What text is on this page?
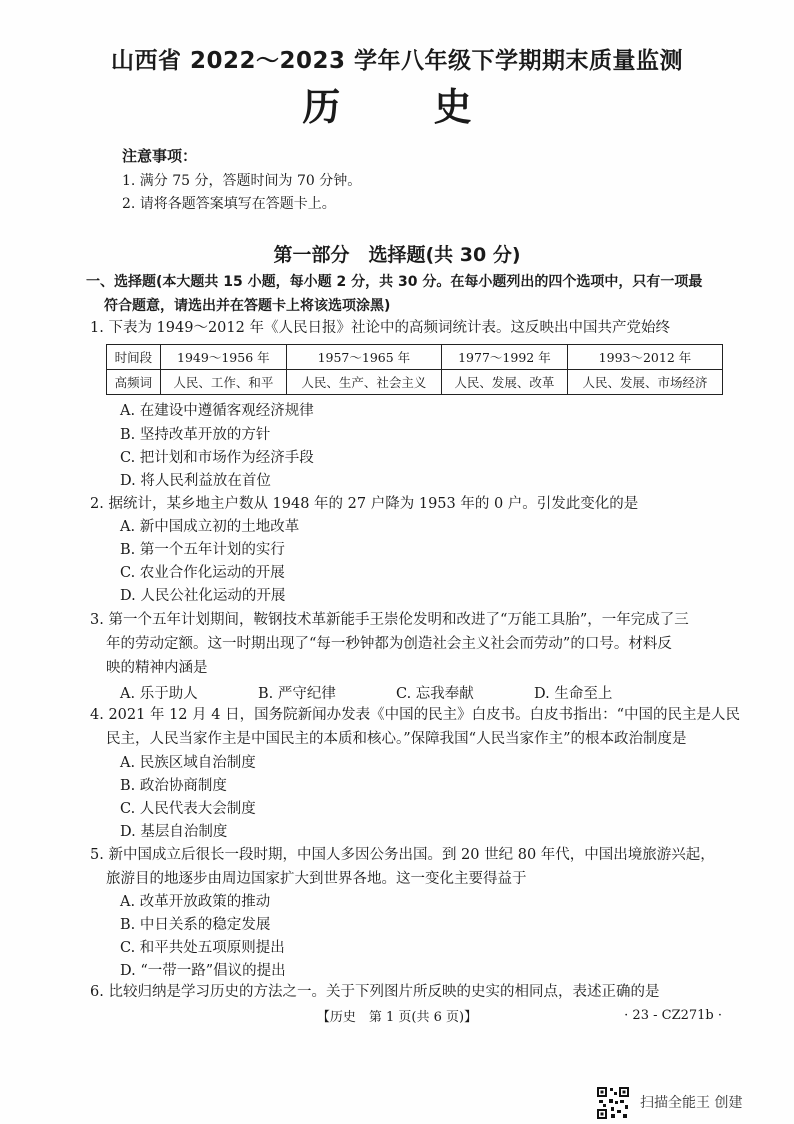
山西省 2022～2023 学年八年级下学期期末质量监测
历 史
注意事项：
1. 满分 75 分，答题时间为 70 分钟。
2. 请将各题答案填写在答题卡上。
第一部分　选择题(共 30 分)
一、选择题(本大题共 15 小题，每小题 2 分，共 30 分。在每小题列出的四个选项中，只有一项最
符合题意，请选出并在答题卡上将该选项涂黑)
1. 下表为 1949～2012 年《人民日报》社论中的高频词统计表。这反映出中国共产党始终
时间段	1949～1956 年	1957～1965 年	1977～1992 年	1993～2012 年
高频词	人民、工作、和平	人民、生产、社会主义	人民、发展、改革	人民、发展、市场经济
A. 在建设中遵循客观经济规律
B. 坚持改革开放的方针
C. 把计划和市场作为经济手段
D. 将人民利益放在首位
2. 据统计，某乡地主户数从 1948 年的 27 户降为 1953 年的 0 户。引发此变化的是
A. 新中国成立初的土地改革
B. 第一个五年计划的实行
C. 农业合作化运动的开展
D. 人民公社化运动的开展
3. 第一个五年计划期间，鞍钢技术革新能手王崇伦发明和改进了“万能工具胎”，一年完成了三
年的劳动定额。这一时期出现了“每一秒钟都为创造社会主义社会而劳动”的口号。材料反
映的精神内涵是
A. 乐于助人	B. 严守纪律	C. 忘我奉献	D. 生命至上
4. 2021 年 12 月 4 日，国务院新闻办发表《中国的民主》白皮书。白皮书指出：“中国的民主是人民
民主，人民当家作主是中国民主的本质和核心。”保障我国“人民当家作主”的根本政治制度是
A. 民族区域自治制度
B. 政治协商制度
C. 人民代表大会制度
D. 基层自治制度
5. 新中国成立后很长一段时期，中国人多因公务出国。到 20 世纪 80 年代，中国出境旅游兴起，
旅游目的地逐步由周边国家扩大到世界各地。这一变化主要得益于
A. 改革开放政策的推动
B. 中日关系的稳定发展
C. 和平共处五项原则提出
D. “一带一路”倡议的提出
6. 比较归纳是学习历史的方法之一。关于下列图片所反映的史实的相同点，表述正确的是
【历史　第 1 页(共 6 页)】	· 23 - CZ271b ·
扫描全能王 创建
